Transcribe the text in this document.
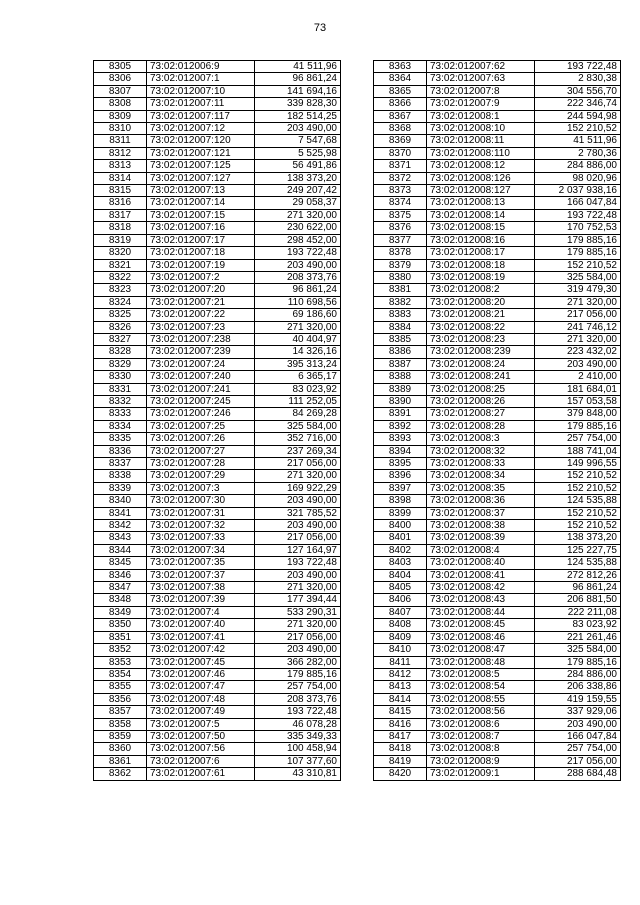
73
8305	73:02:012006:9	41 511,96
8306	73:02:012007:1	96 861,24
8307	73:02:012007:10	141 694,16
8308	73:02:012007:11	339 828,30
8309	73:02:012007:117	182 514,25
8310	73:02:012007:12	203 490,00
8311	73:02:012007:120	7 547,68
8312	73:02:012007:121	5 525,98
8313	73:02:012007:125	56 491,86
8314	73:02:012007:127	138 373,20
8315	73:02:012007:13	249 207,42
8316	73:02:012007:14	29 058,37
8317	73:02:012007:15	271 320,00
8318	73:02:012007:16	230 622,00
8319	73:02:012007:17	298 452,00
8320	73:02:012007:18	193 722,48
8321	73:02:012007:19	203 490,00
8322	73:02:012007:2	208 373,76
8323	73:02:012007:20	96 861,24
8324	73:02:012007:21	110 698,56
8325	73:02:012007:22	69 186,60
8326	73:02:012007:23	271 320,00
8327	73:02:012007:238	40 404,97
8328	73:02:012007:239	14 326,16
8329	73:02:012007:24	395 313,24
8330	73:02:012007:240	6 365,17
8331	73:02:012007:241	83 023,92
8332	73:02:012007:245	111 252,05
8333	73:02:012007:246	84 269,28
8334	73:02:012007:25	325 584,00
8335	73:02:012007:26	352 716,00
8336	73:02:012007:27	237 269,34
8337	73:02:012007:28	217 056,00
8338	73:02:012007:29	271 320,00
8339	73:02:012007:3	169 922,29
8340	73:02:012007:30	203 490,00
8341	73:02:012007:31	321 785,52
8342	73:02:012007:32	203 490,00
8343	73:02:012007:33	217 056,00
8344	73:02:012007:34	127 164,97
8345	73:02:012007:35	193 722,48
8346	73:02:012007:37	203 490,00
8347	73:02:012007:38	271 320,00
8348	73:02:012007:39	177 394,44
8349	73:02:012007:4	533 290,31
8350	73:02:012007:40	271 320,00
8351	73:02:012007:41	217 056,00
8352	73:02:012007:42	203 490,00
8353	73:02:012007:45	366 282,00
8354	73:02:012007:46	179 885,16
8355	73:02:012007:47	257 754,00
8356	73:02:012007:48	208 373,76
8357	73:02:012007:49	193 722,48
8358	73:02:012007:5	46 078,28
8359	73:02:012007:50	335 349,33
8360	73:02:012007:56	100 458,94
8361	73:02:012007:6	107 377,60
8362	73:02:012007:61	43 310,81
8363	73:02:012007:62	193 722,48
8364	73:02:012007:63	2 830,38
8365	73:02:012007:8	304 556,70
8366	73:02:012007:9	222 346,74
8367	73:02:012008:1	244 594,98
8368	73:02:012008:10	152 210,52
8369	73:02:012008:11	41 511,96
8370	73:02:012008:110	2 780,36
8371	73:02:012008:12	284 886,00
8372	73:02:012008:126	98 020,96
8373	73:02:012008:127	2 037 938,16
8374	73:02:012008:13	166 047,84
8375	73:02:012008:14	193 722,48
8376	73:02:012008:15	170 752,53
8377	73:02:012008:16	179 885,16
8378	73:02:012008:17	179 885,16
8379	73:02:012008:18	152 210,52
8380	73:02:012008:19	325 584,00
8381	73:02:012008:2	319 479,30
8382	73:02:012008:20	271 320,00
8383	73:02:012008:21	217 056,00
8384	73:02:012008:22	241 746,12
8385	73:02:012008:23	271 320,00
8386	73:02:012008:239	223 432,02
8387	73:02:012008:24	203 490,00
8388	73:02:012008:241	2 410,00
8389	73:02:012008:25	181 684,01
8390	73:02:012008:26	157 053,58
8391	73:02:012008:27	379 848,00
8392	73:02:012008:28	179 885,16
8393	73:02:012008:3	257 754,00
8394	73:02:012008:32	188 741,04
8395	73:02:012008:33	149 996,55
8396	73:02:012008:34	152 210,52
8397	73:02:012008:35	152 210,52
8398	73:02:012008:36	124 535,88
8399	73:02:012008:37	152 210,52
8400	73:02:012008:38	152 210,52
8401	73:02:012008:39	138 373,20
8402	73:02:012008:4	125 227,75
8403	73:02:012008:40	124 535,88
8404	73:02:012008:41	272 812,26
8405	73:02:012008:42	96 861,24
8406	73:02:012008:43	206 881,50
8407	73:02:012008:44	222 211,08
8408	73:02:012008:45	83 023,92
8409	73:02:012008:46	221 261,46
8410	73:02:012008:47	325 584,00
8411	73:02:012008:48	179 885,16
8412	73:02:012008:5	284 886,00
8413	73:02:012008:54	206 338,86
8414	73:02:012008:55	419 159,55
8415	73:02:012008:56	337 929,06
8416	73:02:012008:6	203 490,00
8417	73:02:012008:7	166 047,84
8418	73:02:012008:8	257 754,00
8419	73:02:012008:9	217 056,00
8420	73:02:012009:1	288 684,48
